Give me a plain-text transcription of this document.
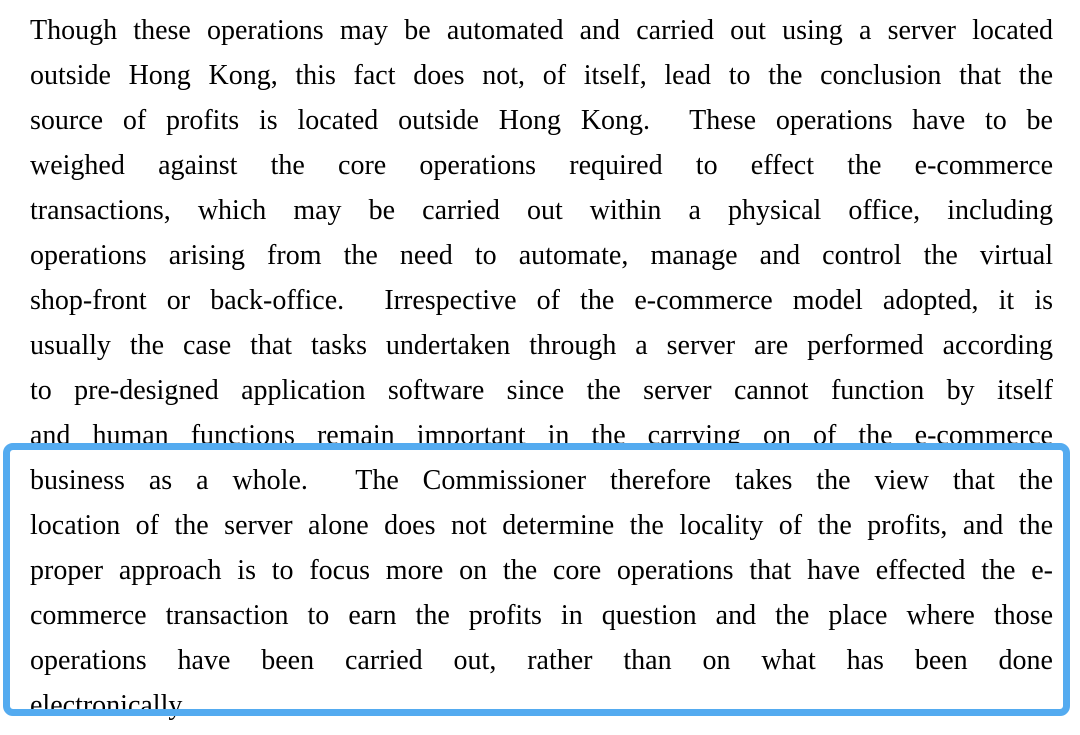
Though these operations may be automated and carried out using a server located
outside Hong Kong, this fact does not, of itself, lead to the conclusion that the
source of profits is located outside Hong Kong.  These operations have to be
weighed against the core operations required to effect the e-commerce
transactions, which may be carried out within a physical office, including
operations arising from the need to automate, manage and control the virtual
shop-front or back-office.  Irrespective of the e-commerce model adopted, it is
usually the case that tasks undertaken through a server are performed according
to pre-designed application software since the server cannot function by itself
and human functions remain important in the carrying on of the e-commerce
business as a whole.  The Commissioner therefore takes the view that the
location of the server alone does not determine the locality of the profits, and the
proper approach is to focus more on the core operations that have effected the e-
commerce transaction to earn the profits in question and the place where those
operations have been carried out, rather than on what has been done
electronically.
